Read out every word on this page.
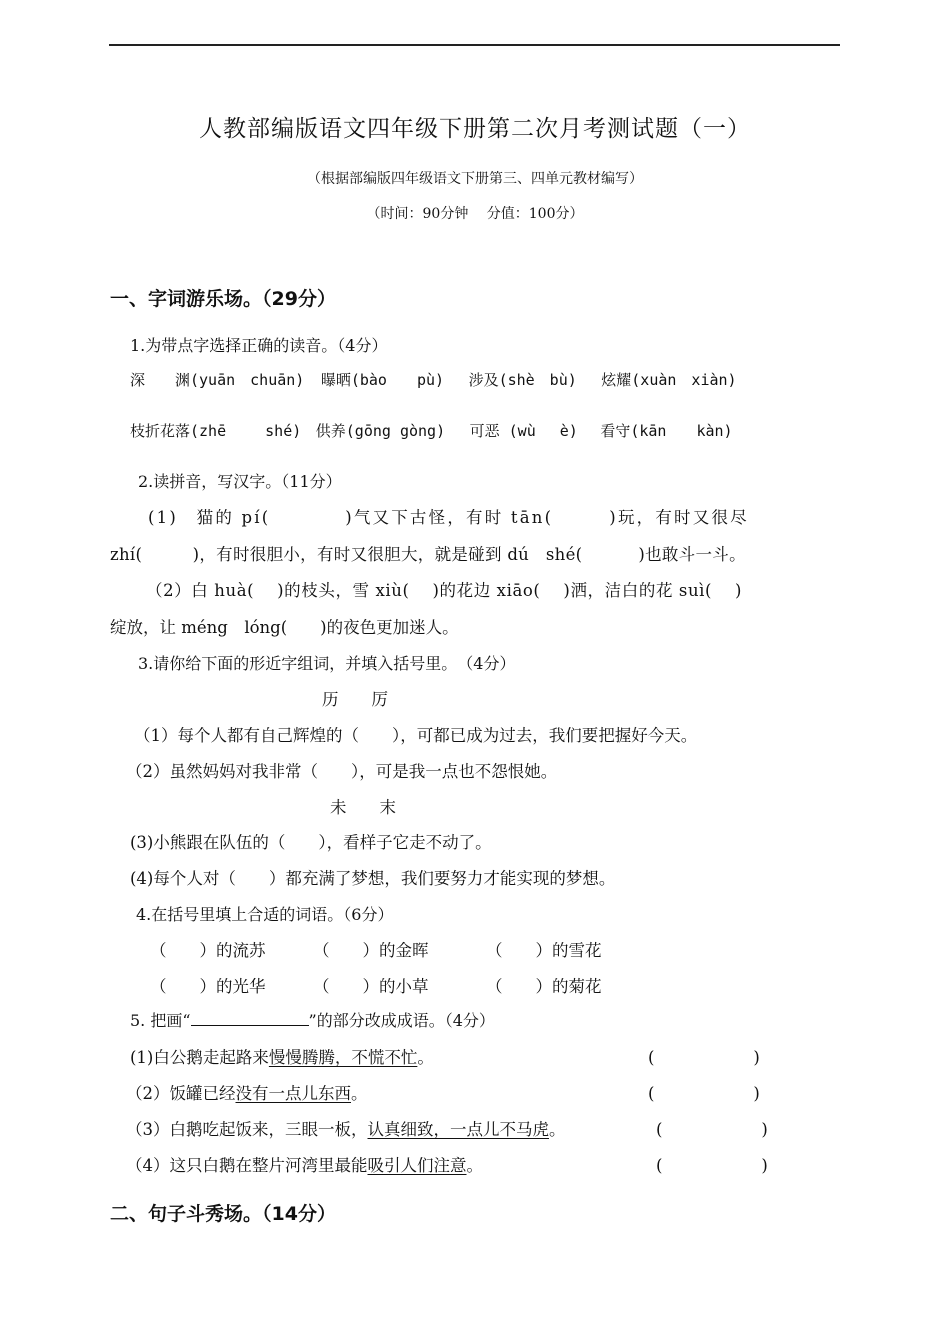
人教部编版语文四年级下册第二次月考测试题（一）
（根据部编版四年级语文下册第三、四单元教材编写）
（时间：90分钟　 分值：100分）
一、字词游乐场。（29分）
1.为带点字选择正确的读音。（4分）
深　　渊(yuān　chuān) 曝晒(bào　　pù) 涉及(shè　bù) 炫耀(xuàn　xiàn)
枝折花落(zhē　　 shé) 供养(gōng gòng) 可恶 (wù　 è) 看守(kān　　kàn)
2.读拼音，写汉字。（11分）
(1)　猫的 pí(　　　　)气又下古怪，有时 tān(　　　)玩，有时又很尽
zhí(　　　)，有时很胆小，有时又很胆大，就是碰到 dú　shé(　　　 )也敢斗一斗。
（2）白 huà(　 )的枝头，雪 xiù(　 )的花边 xiāo(　 )洒，洁白的花 suì(　 )
绽放，让 méng　lóng(　　)的夜色更加迷人。
3.请你给下面的形近字组词，并填入括号里。　（4分）
历　　厉
（1）每个人都有自己辉煌的（　　），可都已成为过去，我们要把握好今天。
（2）虽然妈妈对我非常（　　），可是我一点也不怨恨她。
未　　末
(3)小熊跟在队伍的（　　），看样子它走不动了。
(4)每个人对（　　）都充满了梦想，我们要努力才能实现的梦想。
4.在括号里填上合适的词语。（6分）
（　　）的流苏	（　　）的金晖	（　　）的雪花
（　　）的光华	（　　）的小草	（　　）的菊花
5. 把画“	”的部分改成成语。（4分）
(1)白公鹅走起路来慢慢腾腾，不慌不忙。	(　　　　　　)
（2）饭罐已经没有一点儿东西。	(　　　　　　)
（3）白鹅吃起饭来，三眼一板，认真细致，一点儿不马虎。	(　　　　　　)
（4）这只白鹅在整片河湾里最能吸引人们注意。	(　　　　　　)
二、句子斗秀场。（14分）
